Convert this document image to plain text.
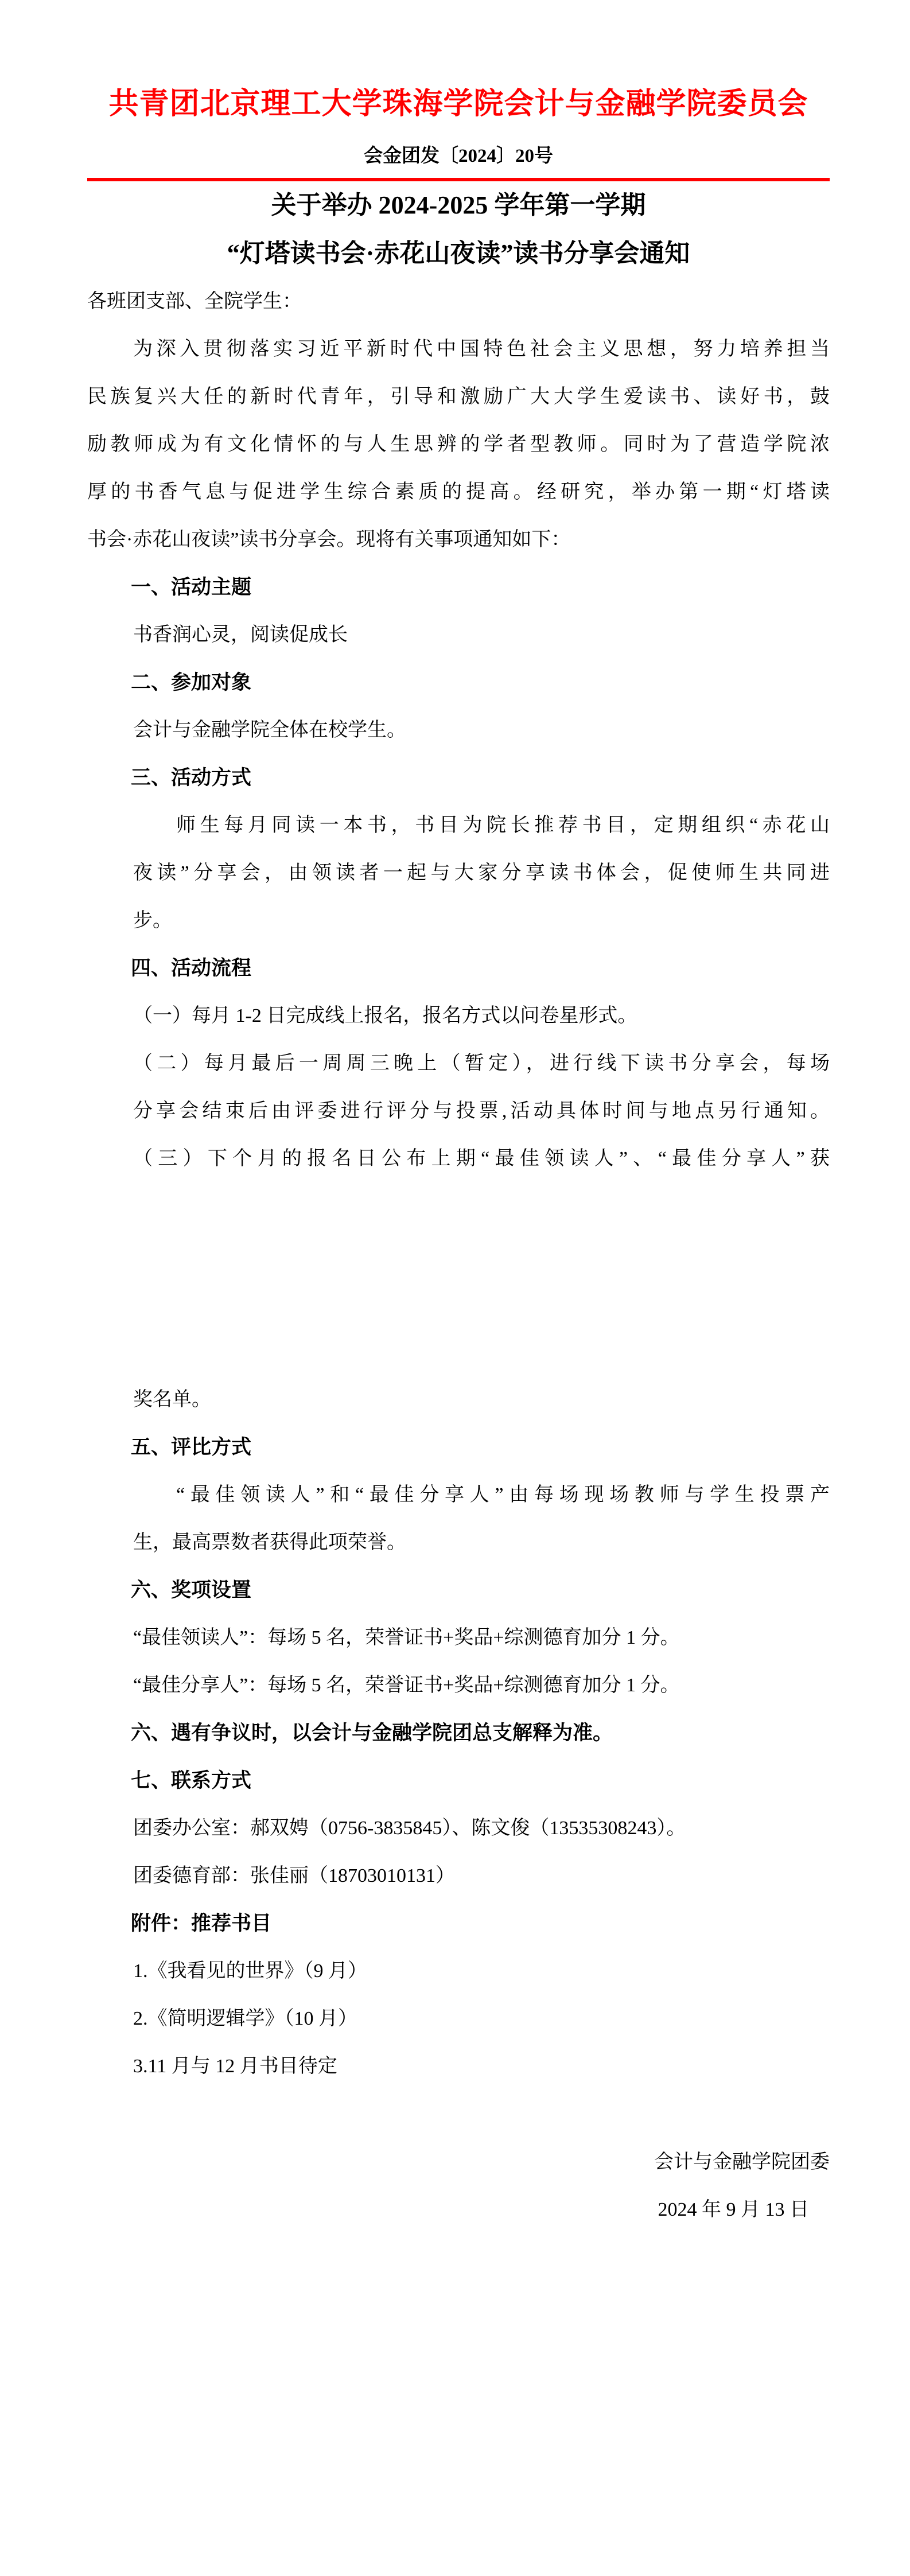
共青团北京理工大学珠海学院会计与金融学院委员会
会金团发〔2024〕20号
关于举办 2024-2025 学年第一学期
“灯塔读书会·赤花山夜读”读书分享会通知
各班团支部、全院学生：
为深入贯彻落实习近平新时代中国特色社会主义思想，努力培养担当
民族复兴大任的新时代青年，引导和激励广大大学生爱读书、读好书，鼓
励教师成为有文化情怀的与人生思辨的学者型教师。同时为了营造学院浓
厚的书香气息与促进学生综合素质的提高。经研究，举办第一期“灯塔读
书会·赤花山夜读”读书分享会。现将有关事项通知如下：
一、活动主题
书香润心灵，阅读促成长
二、参加对象
会计与金融学院全体在校学生。
三、活动方式
师生每月同读一本书，书目为院长推荐书目，定期组织“赤花山
夜读”分享会，由领读者一起与大家分享读书体会，促使师生共同进
步。
四、活动流程
（一）每月 1-2 日完成线上报名，报名方式以问卷星形式。
（二）每月最后一周周三晚上（暂定），进行线下读书分享会，每场
分享会结束后由评委进行评分与投票,活动具体时间与地点另行通知。
（三）下个月的报名日公布上期“最佳领读人”、“最佳分享人”获
奖名单。
五、评比方式
“最佳领读人”和“最佳分享人”由每场现场教师与学生投票产
生，最高票数者获得此项荣誉。
六、奖项设置
“最佳领读人”：每场 5 名，荣誉证书+奖品+综测德育加分 1 分。
“最佳分享人”：每场 5 名，荣誉证书+奖品+综测德育加分 1 分。
六、遇有争议时，以会计与金融学院团总支解释为准。
七、联系方式
团委办公室：郝双娉（0756-3835845）、陈文俊（13535308243）。
团委德育部：张佳丽（18703010131）
附件：推荐书目
1.《我看见的世界》（9 月）
2.《简明逻辑学》（10 月）
3.11 月与 12 月书目待定
会计与金融学院团委
2024 年 9 月 13 日
